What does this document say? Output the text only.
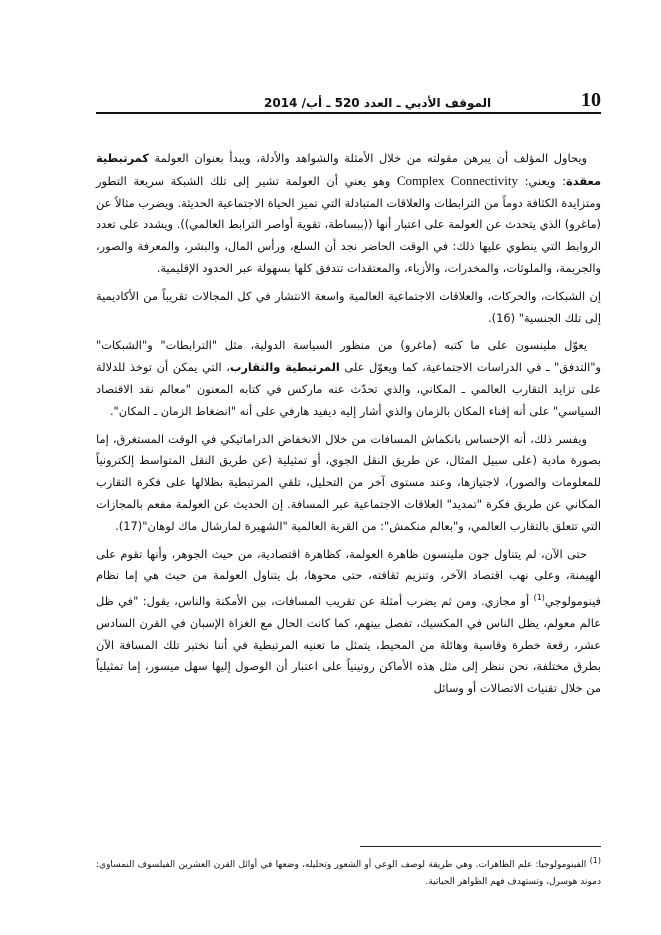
10
الموقف الأدبي ـ العدد 520 ـ أب/ 2014

ويحاول المؤلف أن يبرهن مقولته من خلال الأمثلة والشواهد والأدلة، ويبدأ بعنوان العولمة كمرتبطية معقدة: ويعني: Complex Connectivity وهو يعني أن العولمة تشير إلى تلك الشبكة سريعة التطور ومتزايدة الكثافة دوماً من الترابطات والعلاقات المتبادلة التي تميز الحياة الاجتماعية الحديثة. ويضرب مثالاً عن (ماغرو) الذي يتحدث عن العولمة على اعتبار أنها ((ببساطة، تقوية أواصر الترابط العالمي)). ويشدد على تعدد الروابط التي ينطوي عليها ذلك: في الوقت الحاضر نجد أن السلع، ورأس المال، والبشر، والمعرفة والصور، والجريمة، والملوثات، والمخدرات، والأزياء، والمعتقدات تتدفق كلها بسهولة عبر الحدود الإقليمية.

إن الشبكات، والحركات، والعلاقات الاجتماعية العالمية واسعة الانتشار في كل المجالات تقريباً من الأكاديمية إلى تلك الجنسية" (16).

يعوّل ملينسون على ما كتبه (ماغرو) من منظور السياسة الدولية، مثل "الترابطات" و"الشبكات" و"التدفق" ـ في الدراسات الاجتماعية، كما ويعوّل على المرتبطية والتقارب، التي يمكن أن توخذ للدلالة على تزايد التقارب العالمي ـ المكاني، والذي تحدّث عنه ماركس في كتابه المعنون "معالم نقد الاقتصاد السياسي" على أنه إفناء المكان بالزمان والذي أشار إليه ديفيد هارفي على أنه "انضغاط الزمان ـ المكان".

ويفسر ذلك، أنه الإحساس بانكماش المسافات من خلال الانخفاض الدراماتيكي في الوقت المستغرق، إما بصورة مادية (على سبيل المثال، عن طريق النقل الجوي، أو تمثيلية (عن طريق النقل المتواسط إلكترونياً للمعلومات والصور)، لاجتيازها، وعند مستوى آخر من التحليل، تلقي المرتبطية بظلالها على فكرة التقارب المكاني عن طريق فكرة "تمديد" العلاقات الاجتماعية عبر المسافة. إن الحديث عن العولمة مفعم بالمجازات التي تتعلق بالتقارب العالمي، و"بعالم منكمش": من القرية العالمية "الشهيرة لمارشال ماك لوهان"(17).

حتى الآن، لم يتناول جون ملينسون ظاهرة العولمة، كظاهرة اقتصادية، من حيث الجوهر، وأنها تقوم على الهيمنة، وعلى نهب اقتصاد الآخر، وتنزيم ثقافته، حتى محوها، بل يتناول العولمة من حيث هي إما نظام فينومولوجي$^{(1)}$ أو مجازي. ومن ثم يضرب أمثلة عن تقريب المسافات، بين الأمكنة والناس، يقول: "في ظل عالم معولم، يظل الناس في المكسيك، تفصل بينهم، كما كانت الحال مع الغزاة الإسبان في القرن السادس عشر، رقعة خطرة وقاسية وهائلة من المحيط، يتمثل ما تعنيه المرتبطية في أننا نختبر تلك المسافة الآن بطرق مختلفة، نحن ننظر إلى مثل هذه الأماكن روتينياً على اعتبار أن الوصول إليها سهل ميسور، إما تمثيلياً من خلال تقنيات الاتصالات أو وسائل

(1) الفينومولوجيا: علم الظاهرات. وهي طريقة لوصف الوعي أو الشعور وتحليله، وضعها في أوائل القرن العشرين الفيلسوف النمساوي: دموند هوسرل، وتستهدف فهم الظواهر الحياتية.
